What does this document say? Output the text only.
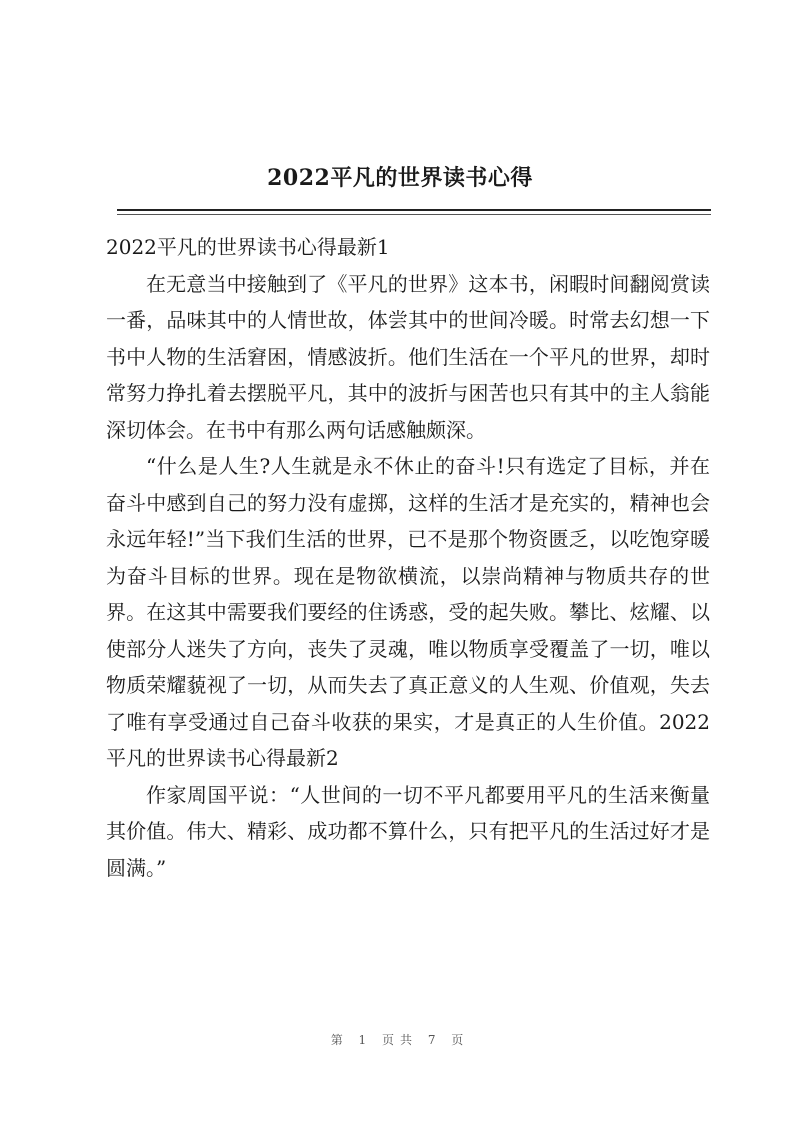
2022平凡的世界读书心得

2022平凡的世界读书心得最新1

在无意当中接触到了《平凡的世界》这本书，闲暇时间翻阅赏读一番，品味其中的人情世故，体尝其中的世间冷暖。时常去幻想一下书中人物的生活窘困，情感波折。他们生活在一个平凡的世界，却时常努力挣扎着去摆脱平凡，其中的波折与困苦也只有其中的主人翁能深切体会。在书中有那么两句话感触颇深。

“什么是人生?人生就是永不休止的奋斗!只有选定了目标，并在奋斗中感到自己的努力没有虚掷，这样的生活才是充实的，精神也会永远年轻!”当下我们生活的世界，已不是那个物资匮乏，以吃饱穿暖为奋斗目标的世界。现在是物欲横流，以崇尚精神与物质共存的世界。在这其中需要我们要经的住诱惑，受的起失败。攀比、炫耀、以使部分人迷失了方向，丧失了灵魂，唯以物质享受覆盖了一切，唯以物质荣耀藐视了一切，从而失去了真正意义的人生观、价值观，失去了唯有享受通过自己奋斗收获的果实，才是真正的人生价值。2022平凡的世界读书心得最新2

作家周国平说：“人世间的一切不平凡都要用平凡的生活来衡量其价值。伟大、精彩、成功都不算什么，只有把平凡的生活过好才是圆满。”

第 1 页共 7 页
